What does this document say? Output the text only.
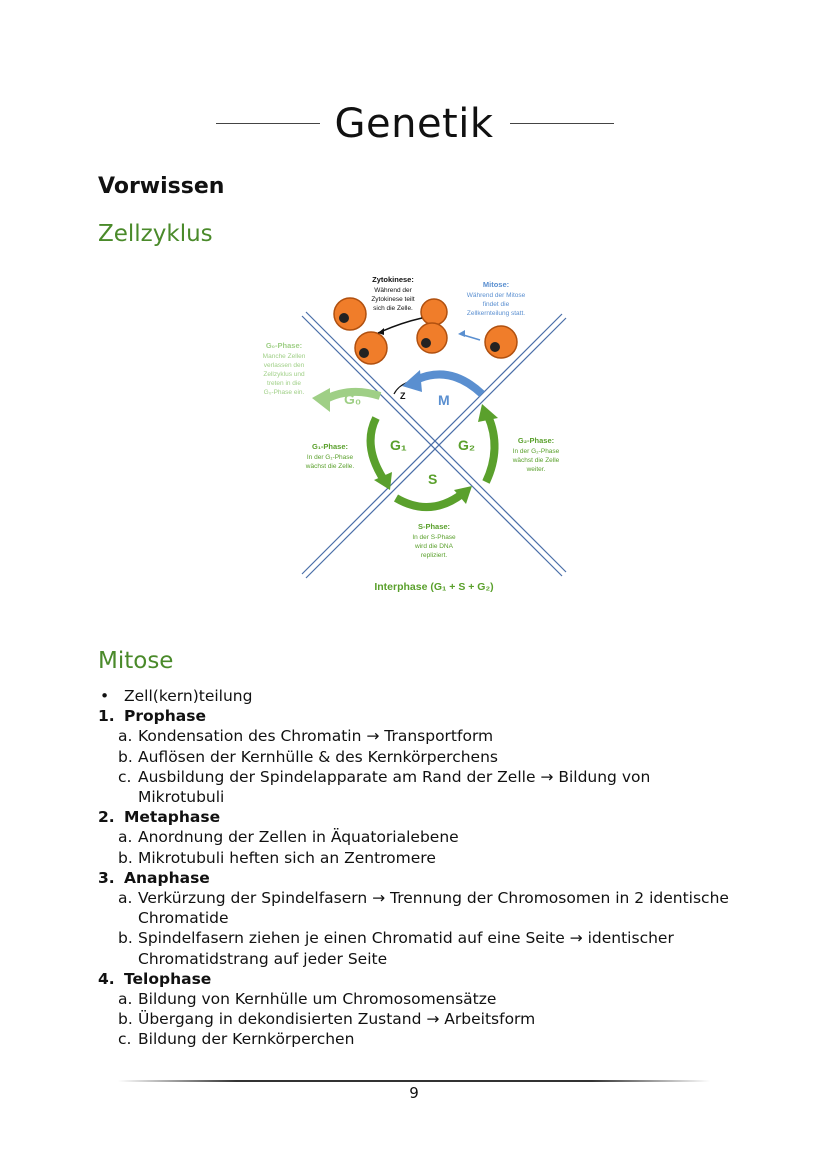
Genetik
Vorwissen
Zellzyklus
G₀	M
Z
G₁	G₂
S
Zytokinese:
Während der
Zytokinese teilt
sich die Zelle.
Mitose:
Während der Mitose
findet die
Zellkernteilung statt.
G₀-Phase:
Manche Zellen
verlassen den
Zellzyklus und
treten in die
G₀-Phase ein.
G₁-Phase:
In der G₁-Phase
wächst die Zelle.
G₂-Phase:
In der G₂-Phase
wächst die Zelle
weiter.
S-Phase:
In der S-Phase
wird die DNA
repliziert.
Interphase (G₁ + S + G₂)
Mitose
• Zell(kern)teilung
1. Prophase
a. Kondensation des Chromatin → Transportform
b. Auflösen der Kernhülle & des Kernkörperchens
c. Ausbildung der Spindelapparate am Rand der Zelle → Bildung von Mikrotubuli
2. Metaphase
a. Anordnung der Zellen in Äquatorialebene
b. Mikrotubuli heften sich an Zentromere
3. Anaphase
a. Verkürzung der Spindelfasern → Trennung der Chromosomen in 2 identische Chromatide
b. Spindelfasern ziehen je einen Chromatid auf eine Seite → identischer Chromatidstrang auf jeder Seite
4. Telophase
a. Bildung von Kernhülle um Chromosomensätze
b. Übergang in dekondisierten Zustand → Arbeitsform
c. Bildung der Kernkörperchen
9
